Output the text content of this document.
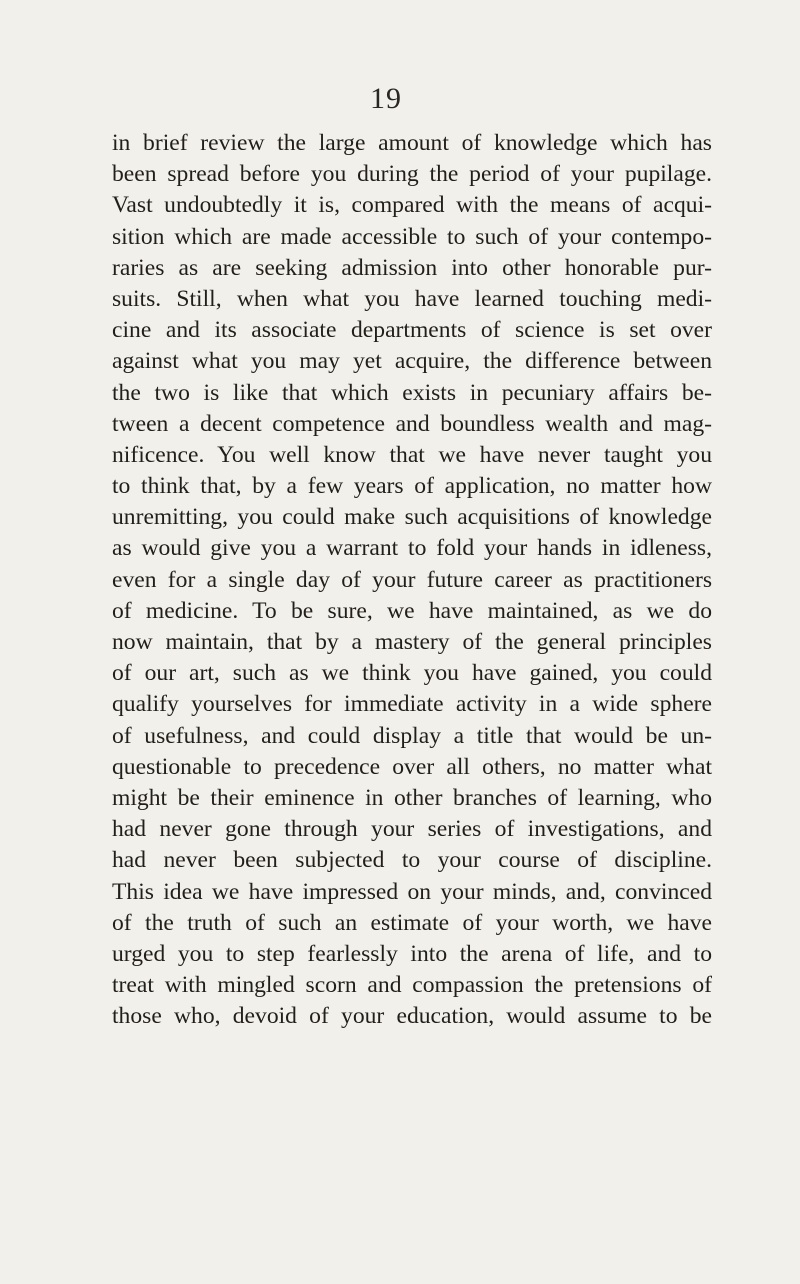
19
in brief review the large amount of knowledge which has
been spread before you during the period of your pupilage.
Vast undoubtedly it is, compared with the means of acqui-
sition which are made accessible to such of your contempo-
raries as are seeking admission into other honorable pur-
suits. Still, when what you have learned touching medi-
cine and its associate departments of science is set over
against what you may yet acquire, the difference between
the two is like that which exists in pecuniary affairs be-
tween a decent competence and boundless wealth and mag-
nificence. You well know that we have never taught you
to think that, by a few years of application, no matter how
unremitting, you could make such acquisitions of knowledge
as would give you a warrant to fold your hands in idleness,
even for a single day of your future career as practitioners
of medicine. To be sure, we have maintained, as we do
now maintain, that by a mastery of the general principles
of our art, such as we think you have gained, you could
qualify yourselves for immediate activity in a wide sphere
of usefulness, and could display a title that would be un-
questionable to precedence over all others, no matter what
might be their eminence in other branches of learning, who
had never gone through your series of investigations, and
had never been subjected to your course of discipline.
This idea we have impressed on your minds, and, convinced
of the truth of such an estimate of your worth, we have
urged you to step fearlessly into the arena of life, and to
treat with mingled scorn and compassion the pretensions of
those who, devoid of your education, would assume to be
